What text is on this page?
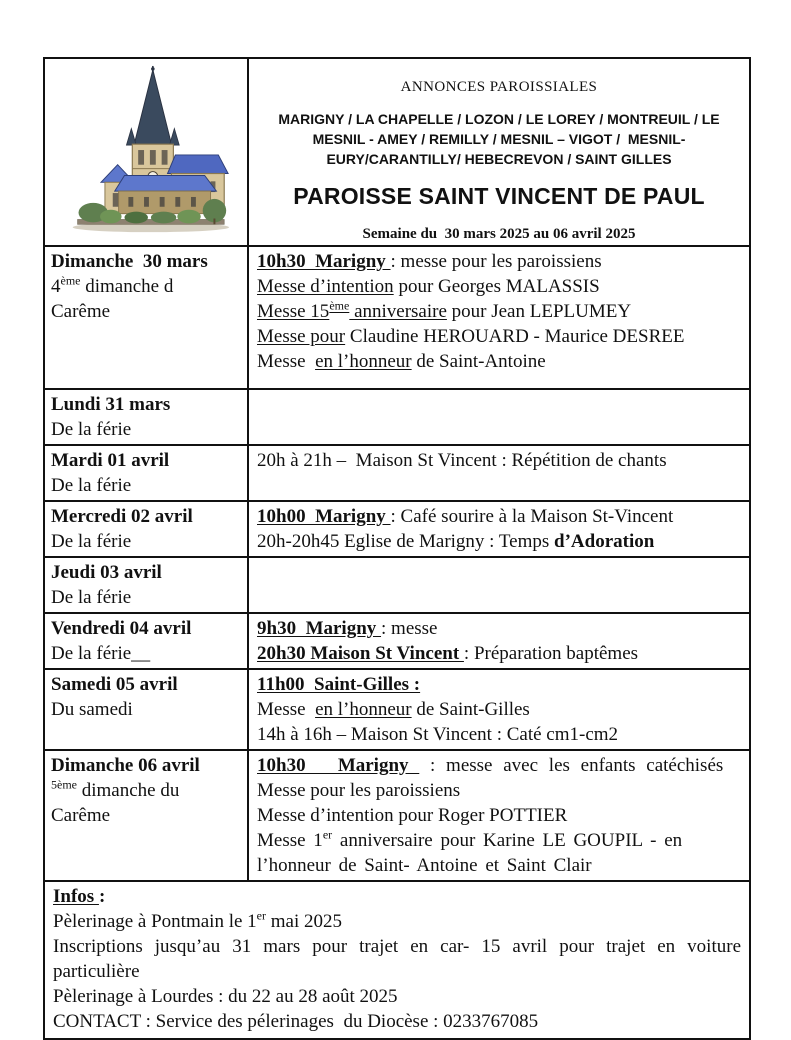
ANNONCES PAROISSIALES
MARIGNY / LA CHAPELLE / LOZON / LE LOREY / MONTREUIL / LE
MESNIL - AMEY / REMILLY / MESNIL – VIGOT /  MESNIL-
EURY/CARANTILLY/ HEBECREVON / SAINT GILLES
PAROISSE SAINT VINCENT DE PAUL
Semaine du  30 mars 2025 au 06 avril 2025
Dimanche  30 mars
4ème dimanche d
Carême
10h30  Marigny : messe pour les paroissiens
Messe d’intention pour Georges MALASSIS
Messe 15ème anniversaire pour Jean LEPLUMEY
Messe pour Claudine HEROUARD - Maurice DESREE
Messe  en l’honneur de Saint-Antoine
Lundi 31 mars
De la férie
Mardi 01 avril
De la férie
20h à 21h –  Maison St Vincent : Répétition de chants
Mercredi 02 avril
De la férie
10h00  Marigny : Café sourire à la Maison St-Vincent
20h-20h45 Eglise de Marigny : Temps d’Adoration
Jeudi 03 avril
De la férie
Vendredi 04 avril
De la férie__
9h30  Marigny : messe
20h30 Maison St Vincent : Préparation baptêmes
Samedi 05 avril
Du samedi
11h00  Saint-Gilles :
Messe  en l’honneur de Saint-Gilles
14h à 16h – Maison St Vincent : Caté cm1-cm2
Dimanche 06 avril
$^{5ème}$ dimanche du
Carême
10h30   Marigny  : messe avec les enfants catéchisés
Messe pour les paroissiens
Messe d’intention pour Roger POTTIER
Messe 1er anniversaire pour Karine LE GOUPIL - en l’honneur de Saint- Antoine et Saint Clair
Infos :
Pèlerinage à Pontmain le 1er mai 2025
Inscriptions jusqu’au 31 mars pour trajet en car- 15 avril pour trajet en voiture particulière
Pèlerinage à Lourdes : du 22 au 28 août 2025
CONTACT : Service des pélerinages  du Diocèse : 0233767085
